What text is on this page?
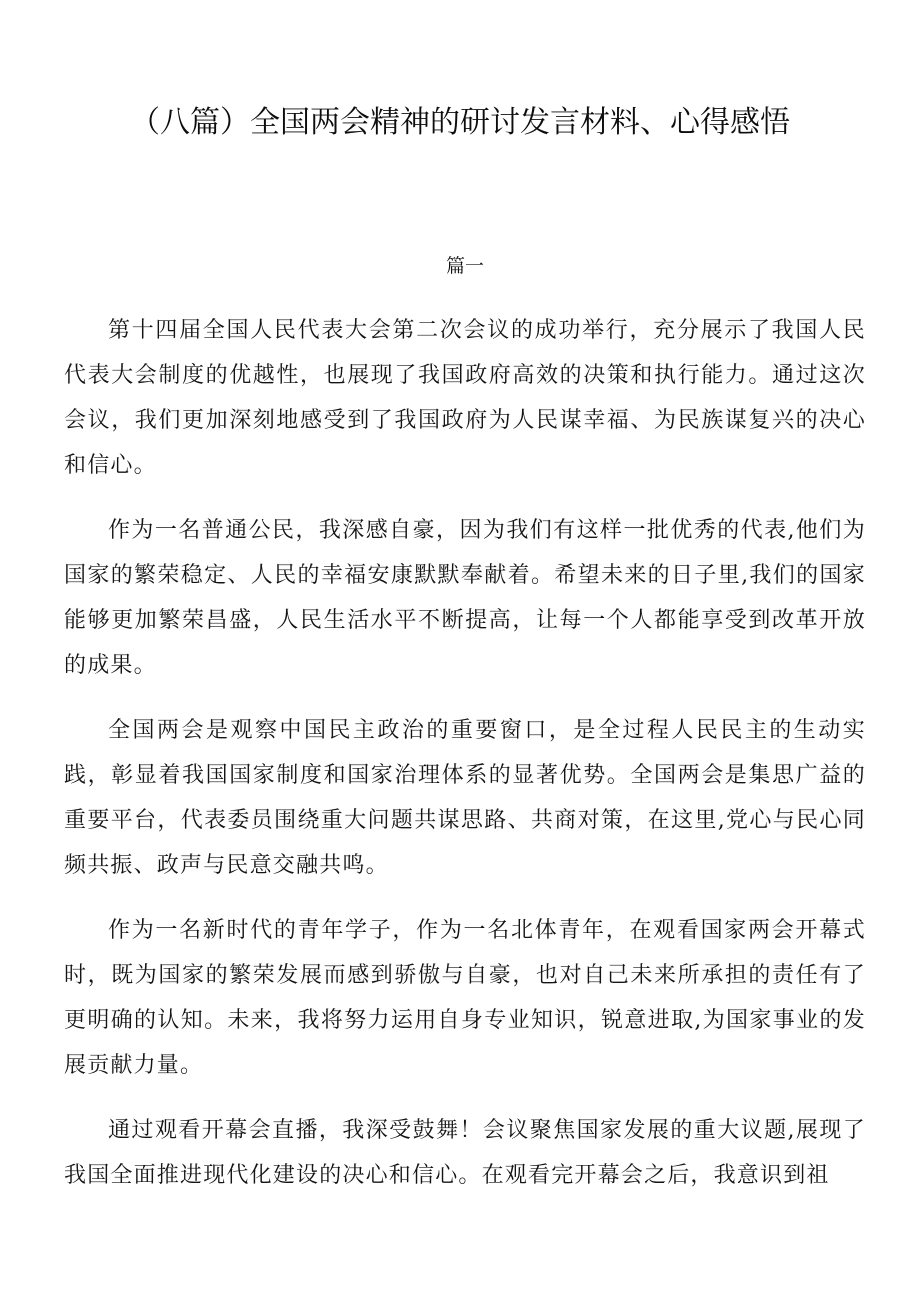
（八篇）全国两会精神的研讨发言材料、心得感悟
篇一

第十四届全国人民代表大会第二次会议的成功举行，充分展示了我国人民代表大会制度的优越性，也展现了我国政府高效的决策和执行能力。通过这次会议，我们更加深刻地感受到了我国政府为人民谋幸福、为民族谋复兴的决心和信心。

作为一名普通公民，我深感自豪，因为我们有这样一批优秀的代表,他们为国家的繁荣稳定、人民的幸福安康默默奉献着。希望未来的日子里,我们的国家能够更加繁荣昌盛，人民生活水平不断提高，让每一个人都能享受到改革开放的成果。

全国两会是观察中国民主政治的重要窗口，是全过程人民民主的生动实践，彰显着我国国家制度和国家治理体系的显著优势。全国两会是集思广益的重要平台，代表委员围绕重大问题共谋思路、共商对策，在这里,党心与民心同频共振、政声与民意交融共鸣。

作为一名新时代的青年学子，作为一名北体青年，在观看国家两会开幕式时，既为国家的繁荣发展而感到骄傲与自豪，也对自己未来所承担的责任有了更明确的认知。未来，我将努力运用自身专业知识，锐意进取,为国家事业的发展贡献力量。

通过观看开幕会直播，我深受鼓舞！会议聚焦国家发展的重大议题,展现了我国全面推进现代化建设的决心和信心。在观看完开幕会之后，我意识到祖
